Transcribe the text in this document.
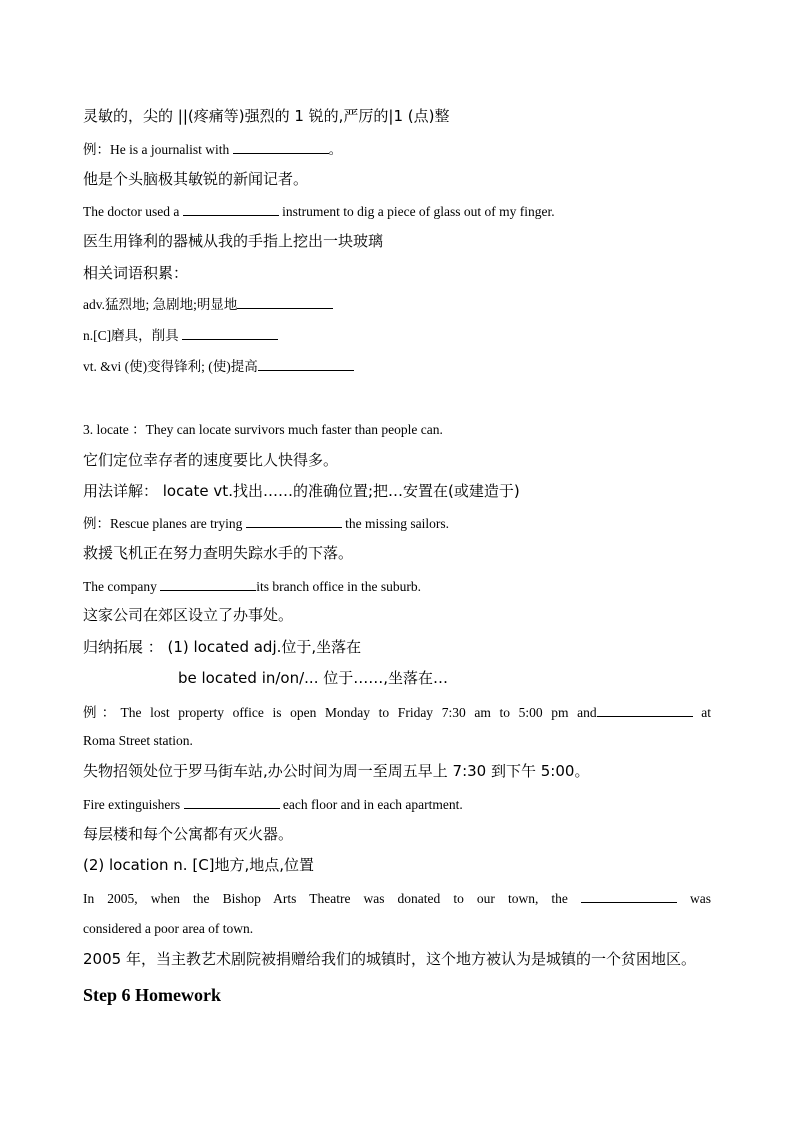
灵敏的，尖的 ||(疼痛等)强烈的 1 锐的,严厉的|1 (点)整
例：He is a journalist with	。
他是个头脑极其敏锐的新闻记者。
The doctor used a	instrument to dig a piece of glass out of my finger.
医生用锋利的器械从我的手指上挖出一块玻璃
相关词语积累：
adv.猛烈地; 急剧地;明显地
n.[C]磨具，削具
vt. &vi (使)变得锋利; (使)提高
3. locate ：They can locate survivors much faster than people can.
它们定位幸存者的速度要比人快得多。
用法详解： locate vt.找出……的准确位置;把…安置在(或建造于)
例：Rescue planes are trying	the missing sailors.
救援飞机正在努力查明失踪水手的下落。
The company	its branch office in the suburb.
这家公司在郊区设立了办事处。
归纳拓展 ： (1) located adj.位于,坐落在
be located in/on/... 位于……,坐落在…
例：The lost property office is open Monday to Friday 7:30 am to 5:00 pm and	at
Roma Street station.
失物招领处位于罗马街车站,办公时间为周一至周五早上 7:30 到下午 5:00。
Fire extinguishers	each floor and in each apartment.
每层楼和每个公寓都有灭火器。
(2) location n. [C]地方,地点,位置
In 2005, when the Bishop Arts Theatre was donated to our town, the	was
considered a poor area of town.
2005 年，当主教艺术剧院被捐赠给我们的城镇时，这个地方被认为是城镇的一个贫困地区。
Step 6 Homework
